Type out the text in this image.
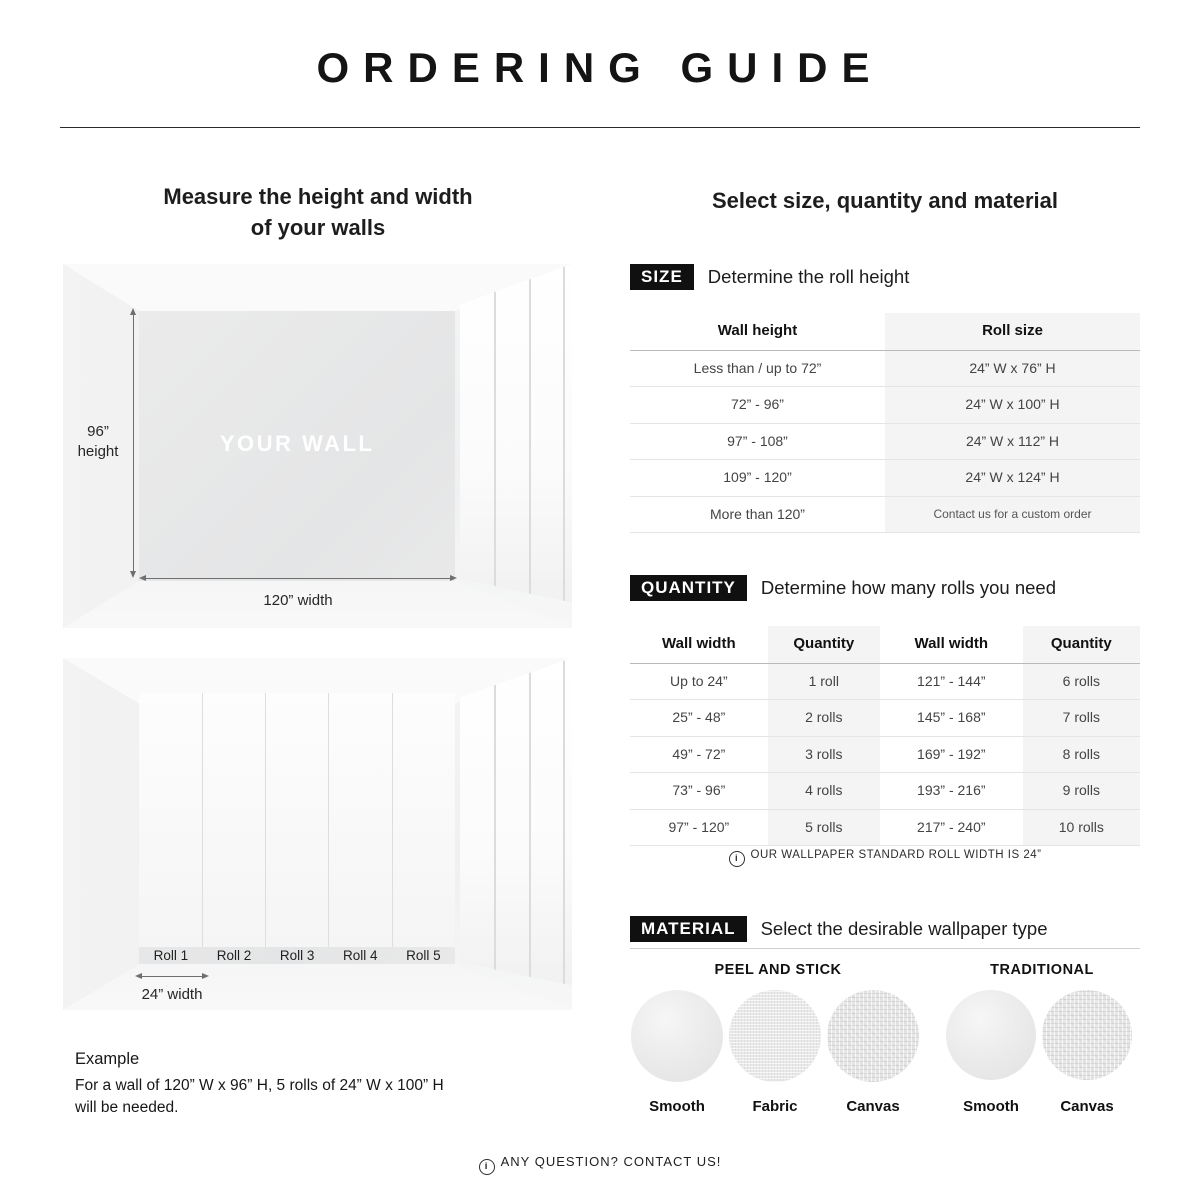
ORDERING GUIDE
Measure the height and width
of your walls
YOUR WALL
96”
height
120” width
Roll 1	Roll 2	Roll 3	Roll 4	Roll 5
24” width
Example
For a wall of 120” W x 96” H, 5 rolls of 24” W x 100” H
will be needed.
Select size, quantity and material
SIZE	Determine the roll height
Wall height	Roll size
Less than / up to 72”	24” W x 76” H
72” - 96”	24” W x 100” H
97” - 108”	24” W x 112” H
109” - 120”	24” W x 124” H
More than 120”	Contact us for a custom order
QUANTITY	Determine how many rolls you need
Wall width	Quantity	Wall width	Quantity
Up to 24”	1 roll	121” - 144”	6 rolls
25” - 48”	2 rolls	145” - 168”	7 rolls
49” - 72”	3 rolls	169” - 192”	8 rolls
73” - 96”	4 rolls	193” - 216”	9 rolls
97” - 120”	5 rolls	217” - 240”	10 rolls
i OUR WALLPAPER STANDARD ROLL WIDTH IS 24”
MATERIAL	Select the desirable wallpaper type
PEEL AND STICK	TRADITIONAL
Smooth	Fabric	Canvas	Smooth	Canvas
i ANY QUESTION? CONTACT US!
